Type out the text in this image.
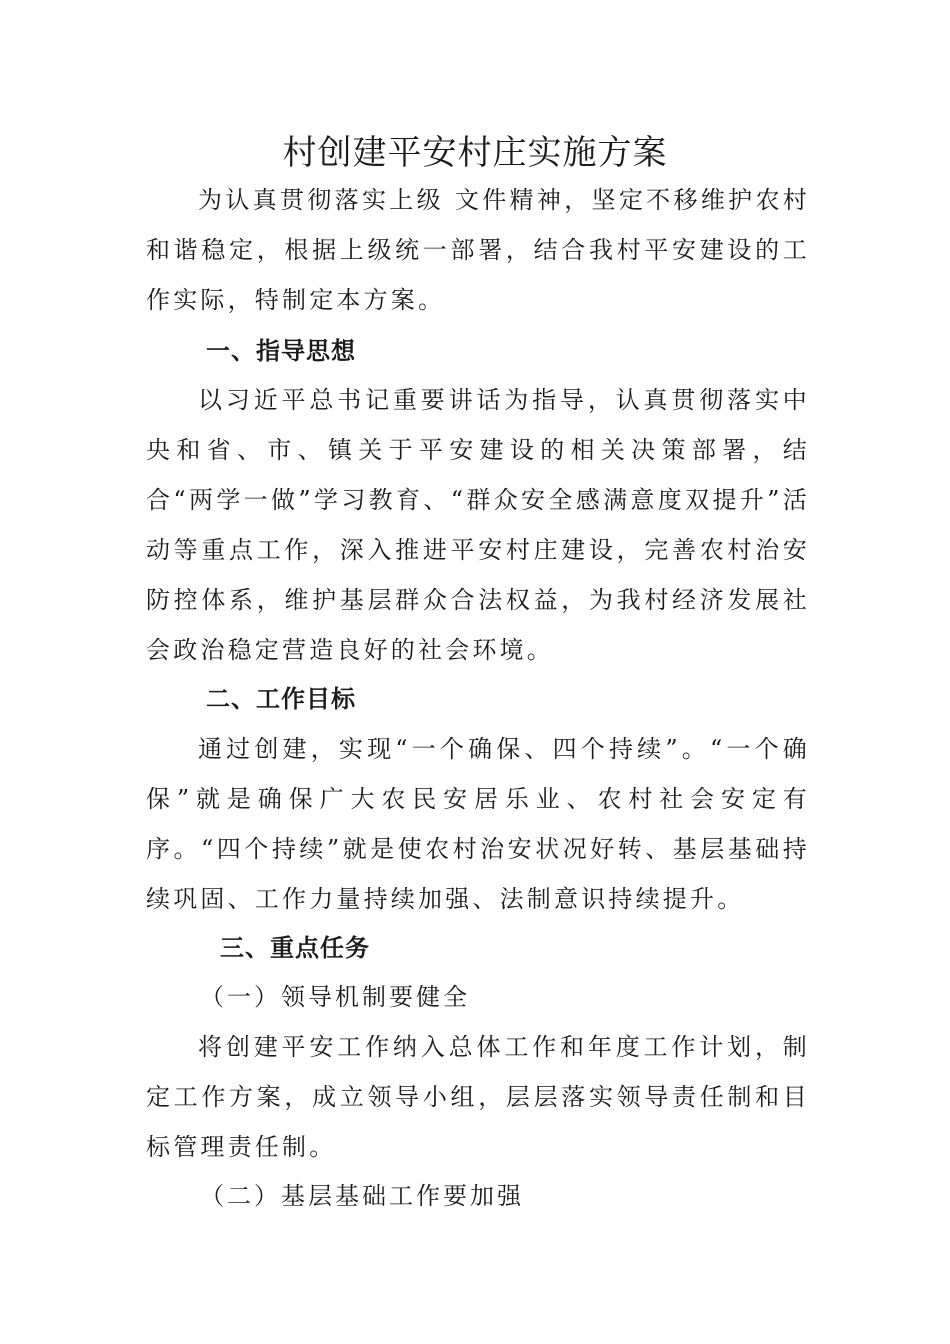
村创建平安村庄实施方案
为认真贯彻落实上级 文件精神，坚定不移维护农村和谐稳定，根据上级统一部署，结合我村平安建设的工作实际，特制定本方案。
一、指导思想
以习近平总书记重要讲话为指导，认真贯彻落实中央和省、市、镇关于平安建设的相关决策部署，结合“两学一做”学习教育、“群众安全感满意度双提升”活动等重点工作，深入推进平安村庄建设，完善农村治安防控体系，维护基层群众合法权益，为我村经济发展社会政治稳定营造良好的社会环境。
二、工作目标
通过创建，实现“一个确保、四个持续”。“一个确保”就是确保广大农民安居乐业、农村社会安定有序。“四个持续”就是使农村治安状况好转、基层基础持续巩固、工作力量持续加强、法制意识持续提升。
三、重点任务
（一）领导机制要健全
将创建平安工作纳入总体工作和年度工作计划，制定工作方案，成立领导小组，层层落实领导责任制和目标管理责任制。
（二）基层基础工作要加强
